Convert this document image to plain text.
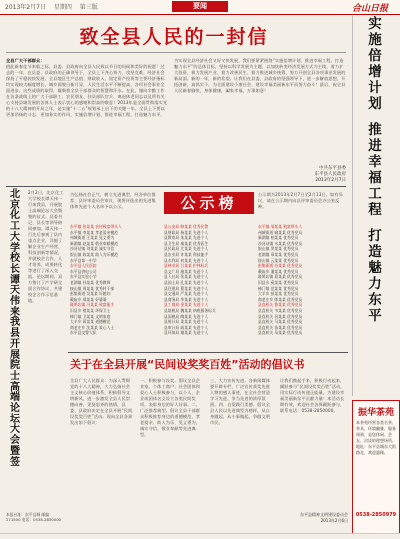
2013年2月7日 星期四 第三版	要闻	合山日报
致全县人民的一封信
全县广大干部群众：
值此新春佳节来临之际，县委、县政府向全县人民致以节日的问候和美好的祝愿！过去的一年，在县委、县政府的正确领导下，全县上下齐心协力，攻坚克难，经济社会保持了平稳较快发展。全县地区生产总值、财政收入、固定资产投资等主要经济指标均实现较大幅度增长，城乡面貌日新月异，人民生活水平不断提高，各项社会事业全面进步。这些成绩的取得，凝聚着全县干部群众的智慧和汗水。在此，谨向辛勤工作在各条战线上的广大干部职工、农民朋友、驻县部队官兵、离退休老同志以及所有关心支持县域发展的各界人士表示衷心的感谢和崇高的敬意！2013年是全面贯彻落实党的十八大精神的开局之年，是实施“十二五”规划承上启下的关键一年。全县上下要以更加昂扬的斗志、更加务实的作风，实施倍增计划，推进幸福工程，打造魅力东平。
为实现全县经济社会又好又快发展，我们要紧紧围绕“实施倍增计划、推进幸福工程、打造魅力东平”的总体目标，坚持以科学发展为主题，以加快转变经济发展方式为主线，着力扩大投资、着力发展产业、着力改善民生、着力推进城乡统筹，努力开创全县各项事业发展的新局面。新的一年，新的希望。让我们在县委、县政府的坚强领导下，进一步解放思想，开拓创新，真抓实干，为全面建设小康社会、建设幸福美丽新东平而努力奋斗！最后，祝全县人民新春愉快，身体健康，阖家幸福，万事如意！
中共东平县委
东平县人民政府
2013年2月7日
北
京
化
工
大
学
校
长
谭
天
伟
来
我
县
开
展
院
士
高
端
论
坛
大
会
暨
签
2月2日，北京化工大学校长谭天伟一行来我县，开展院士高端论坛大会暨签约仪式。县委书记、县长等领导陪同参加。谭天伟一行先后参观了县内重点企业，详细了解企业生产经营、科技创新等情况，并就校企合作、人才培养、成果转化等进行了深入交流。论坛期间，双方签订了产学研全面合作协议，共建校企合作示范基地。
为弘扬社会正气，树立先进典型，经各单位推荐、县评审委员会审议，现将评选出的先进集体和先进个人名单予以公示。	公示榜	公示期为2013年2月7日至2月13日。如有异议，请在公示期内向县评审委员会办公室反映。
东平镇 张某某 农村致富带头人
东平镇 李某某 孝老爱亲模范
州城街道 王某某 见义勇为
新湖镇 赵某某 敬业奉献模范
沙河站镇 刘某某 诚实守信
银山镇 陈某某 助人为乐模范
东平县第一中学
东平县人民医院
东平县供电公司
东平县实验小学
老湖镇 孙某某 优秀教师
接山镇 周某某 优秀村干部
彭集街道 吴某某 好媳妇
戴庙乡 郑某某 好婆婆
斑鸠店镇 冯某某 致富能手
旧县乡 褚某某 环保卫士
梯门镇 卫某某 文明家庭
大羊乡 蒋某某 道德模范
商老庄乡 沈某某 爱心人士
东平县交警大队
县公安局 韩某某 优秀民警
县财政局 杨某某 先进个人
县教育局 朱某某 先进个人
县卫生局 秦某某 优秀医生
县民政局 尤某某 先进个人
县农业局 许某某 科技能手
县水利局 何某某 先进个人
县林业局 吕某某 护林标兵
县文广局 施某某 先进个人
县人社局 张某某 先进个人
县国土局 孔某某 先进个人
县住建局 曹某某 先进个人
县交通局 严某某 先进个人
县商务局 华某某 先进个人
县工商局 金某某 先进个人
县地税局 魏某某 纳税服务标兵
县国税局 陶某某 先进个人
县统计局 姜某某 先进个人
县审计局 戚某某 先进个人
县环保局 谢某某 先进个人
东平镇 邹某某 致富带头人
州城街道 喻某某 优秀党员
新湖镇 柏某某 优秀党员
沙河站镇 水某某 优秀党员
银山镇 窦某某 优秀党员
老湖镇 章某某 优秀党员
接山镇 云某某 优秀党员
彭集街道 苏某某 优秀党员
戴庙乡 潘某某 优秀党员
斑鸠店镇 葛某某 优秀党员
旧县乡 奚某某 优秀党员
梯门镇 范某某 优秀党员
大羊乡 彭某某 优秀党员
商老庄乡 郎某某 优秀党员
县直机关 鲁某某 优秀党员
县直机关 韦某某 优秀党员
县直机关 昌某某 优秀党员
县直机关 马某某 优秀党员
县直机关 苗某某 优秀党员
县直机关 凤某某 优秀党员
关于在全县开展“民间设奖奖百姓”活动的倡议书
全县广大人民群众：为深入贯彻党的十八大精神，大力弘扬社会主义核心价值体系，积极倡导文明新风，进一步激发全县人民崇德向善、见贤思齐的热情，县委、县政府决定在全县开展“民间设奖奖百姓”活动。现向全县各界发出如下倡议：
一、积极参与设奖。倡议全县企业家、个体工商户、社会团体和爱心人士积极参与，以个人、企业或团体名义设立各类民间奖项，表彰身边的好人好事。二、广泛推荐典型。倡议全县干部群众积极推荐身边的道德模范、孝老爱亲、助人为乐、见义勇为、诚实守信、敬业奉献等先进典型。
三、大力宣传先进。各新闻媒体要开辟专栏，广泛宣传获奖先进人物的感人事迹，在全社会营造学习先进、争当先进的浓厚氛围。四、自觉践行美德。倡议全县人民以先进典型为榜样，从自身做起，从小事做起，争做文明市民。
让我们携起手来，积极行动起来，踊跃参与“民间设奖奖百姓”活动，用实际行动传递正能量，为建设幸福美丽新东平贡献力量！本活动长期有效，欢迎社会各界踊跃参与，联系电话：0538-2850000。
东平县精神文明建设委员会
2013年2月6日
实
施
倍
增
计
划
推
进
幸
福
工
程
打
造
魅
力
东
平
振华茶苑
本茶苑经营各类名茶、茶具，环境幽雅，服务周到，是您休闲、会友、洽谈的理想场所。地址：东平县城东大街路北，欢迎惠顾。
0538-2850979
本报社址：东平县城 邮编：271500 电话：0538-2850000
